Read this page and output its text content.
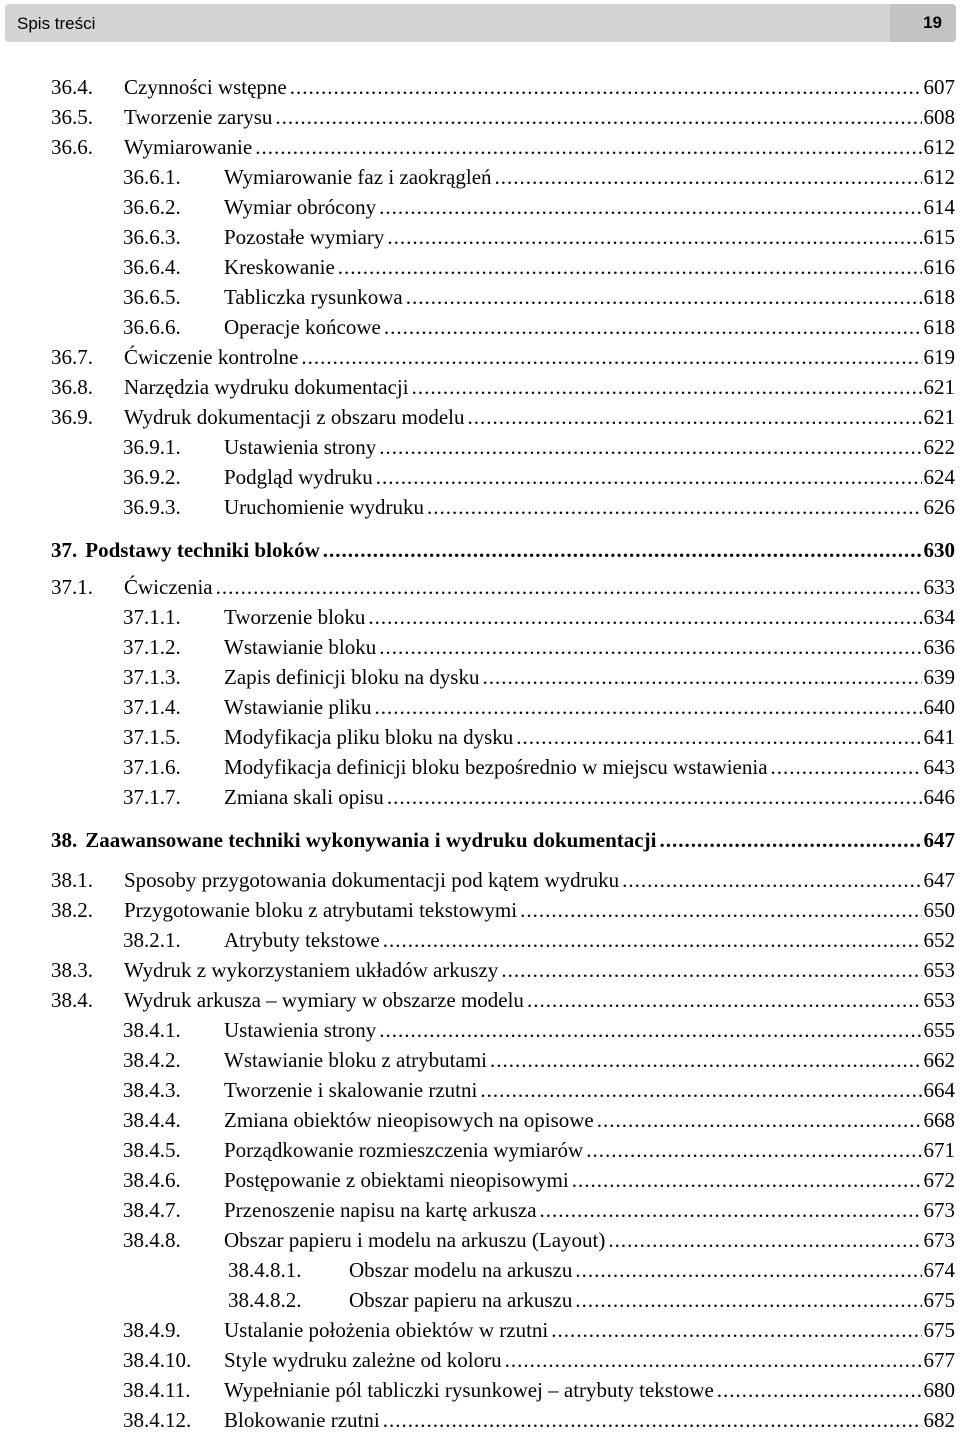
Spis treści	19
36.4.	Czynności wstępne .....	607
36.5.	Tworzenie zarysu .....	608
36.6.	Wymiarowanie .....	612
36.6.1.	Wymiarowanie faz i zaokrągleń .....	612
36.6.2.	Wymiar obrócony .....	614
36.6.3.	Pozostałe wymiary .....	615
36.6.4.	Kreskowanie .....	616
36.6.5.	Tabliczka rysunkowa .....	618
36.6.6.	Operacje końcowe .....	618
36.7.	Ćwiczenie kontrolne .....	619
36.8.	Narzędzia wydruku dokumentacji .....	621
36.9.	Wydruk dokumentacji z obszaru modelu .....	621
36.9.1.	Ustawienia strony .....	622
36.9.2.	Podgląd wydruku .....	624
36.9.3.	Uruchomienie wydruku .....	626
37. Podstawy techniki bloków .....	630
37.1.	Ćwiczenia .....	633
37.1.1.	Tworzenie bloku .....	634
37.1.2.	Wstawianie bloku .....	636
37.1.3.	Zapis definicji bloku na dysku .....	639
37.1.4.	Wstawianie pliku .....	640
37.1.5.	Modyfikacja pliku bloku na dysku .....	641
37.1.6.	Modyfikacja definicji bloku bezpośrednio w miejscu wstawienia .....	643
37.1.7.	Zmiana skali opisu .....	646
38. Zaawansowane techniki wykonywania i wydruku dokumentacji .....	647
38.1.	Sposoby przygotowania dokumentacji pod kątem wydruku .....	647
38.2.	Przygotowanie bloku z atrybutami tekstowymi .....	650
38.2.1.	Atrybuty tekstowe .....	652
38.3.	Wydruk z wykorzystaniem układów arkuszy .....	653
38.4.	Wydruk arkusza – wymiary w obszarze modelu .....	653
38.4.1.	Ustawienia strony .....	655
38.4.2.	Wstawianie bloku z atrybutami .....	662
38.4.3.	Tworzenie i skalowanie rzutni .....	664
38.4.4.	Zmiana obiektów nieopisowych na opisowe .....	668
38.4.5.	Porządkowanie rozmieszczenia wymiarów .....	671
38.4.6.	Postępowanie z obiektami nieopisowymi .....	672
38.4.7.	Przenoszenie napisu na kartę arkusza .....	673
38.4.8.	Obszar papieru i modelu na arkuszu (Layout) .....	673
38.4.8.1.	Obszar modelu na arkuszu .....	674
38.4.8.2.	Obszar papieru na arkuszu .....	675
38.4.9.	Ustalanie położenia obiektów w rzutni .....	675
38.4.10.	Style wydruku zależne od koloru .....	677
38.4.11.	Wypełnianie pól tabliczki rysunkowej – atrybuty tekstowe .....	680
38.4.12.	Blokowanie rzutni .....	682
